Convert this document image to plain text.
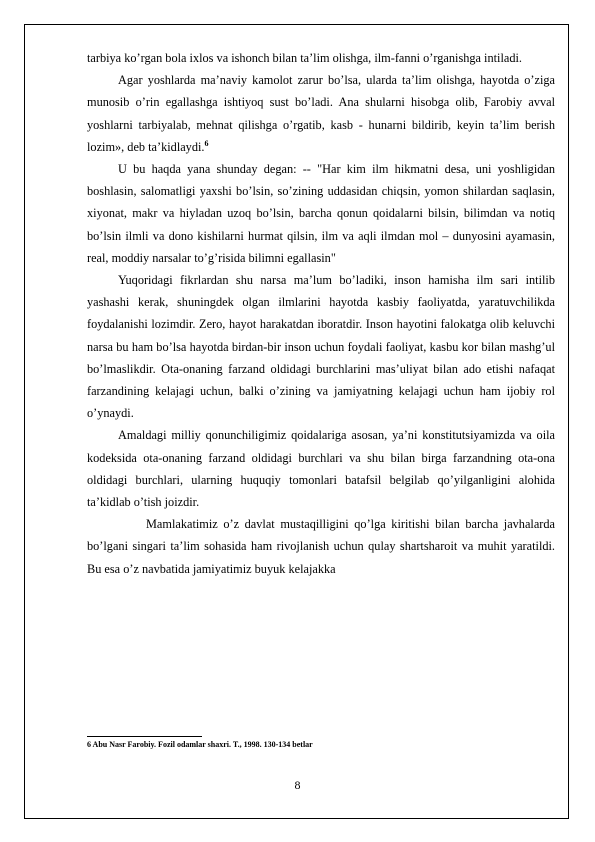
tarbiya ko’rgan bola ixlos va ishonch bilan ta’lim olishga, ilm-fanni o’rganishga intiladi.

Agar yoshlarda ma’naviy kamolot zarur bo’lsa, ularda ta’lim olishga, hayotda o’ziga munosib o’rin egallashga ishtiyoq sust bo’ladi. Ana shularni hisobga olib, Farobiy avval yoshlarni tarbiyalab, mehnat qilishga o’rgatib, kasb - hunarni bildirib, keyin ta’lim berish lozim», deb ta’kidlaydi.$^6$

U bu haqda yana shunday degan: -- "Har kim ilm hikmatni desa, uni yoshligidan boshlasin, salomatligi yaxshi bo’lsin, so’zining uddasidan chiqsin, yomon shilardan saqlasin, xiyonat, makr va hiyladan uzoq bo’lsin, barcha qonun qoidalarni bilsin, bilimdan va notiq bo’lsin ilmli va dono kishilarni hurmat qilsin, ilm va aqli ilmdan mol – dunyosini ayamasin, real, moddiy narsalar to’g’risida bilimni egallasin"

Yuqoridagi fikrlardan shu narsa ma’lum bo’ladiki, inson hamisha ilm sari intilib yashashi kerak, shuningdek olgan ilmlarini hayotda kasbiy faoliyatda, yaratuvchilikda foydalanishi lozimdir. Zero, hayot harakatdan iboratdir. Inson hayotini falokatga olib keluvchi narsa bu ham bo’lsa hayotda birdan-bir inson uchun foydali faoliyat, kasbu kor bilan mashg’ul bo’lmaslikdir. Ota-onaning farzand oldidagi burchlarini mas’uliyat bilan ado etishi nafaqat farzandining kelajagi uchun, balki o’zining va jamiyatning kelajagi uchun ham ijobiy rol o’ynaydi.

Amaldagi milliy qonunchiligimiz qoidalariga asosan, ya’ni konstitutsiyamizda va oila kodeksida ota-onaning farzand oldidagi burchlari va shu bilan birga farzandning ota-ona oldidagi burchlari, ularning huquqiy tomonlari batafsil belgilab qo’yilganligini alohida ta’kidlab o’tish joizdir.

Mamlakatimiz o’z davlat mustaqilligini qo’lga kiritishi bilan barcha javhalarda bo’lgani singari ta’lim sohasida ham rivojlanish uchun qulay shartsharoit va muhit yaratildi. Bu esa o’z navbatida jamiyatimiz buyuk kelajakka

6 Abu Nasr Farobiy. Fozil odamlar shaxri. T., 1998. 130-134 betlar
8
